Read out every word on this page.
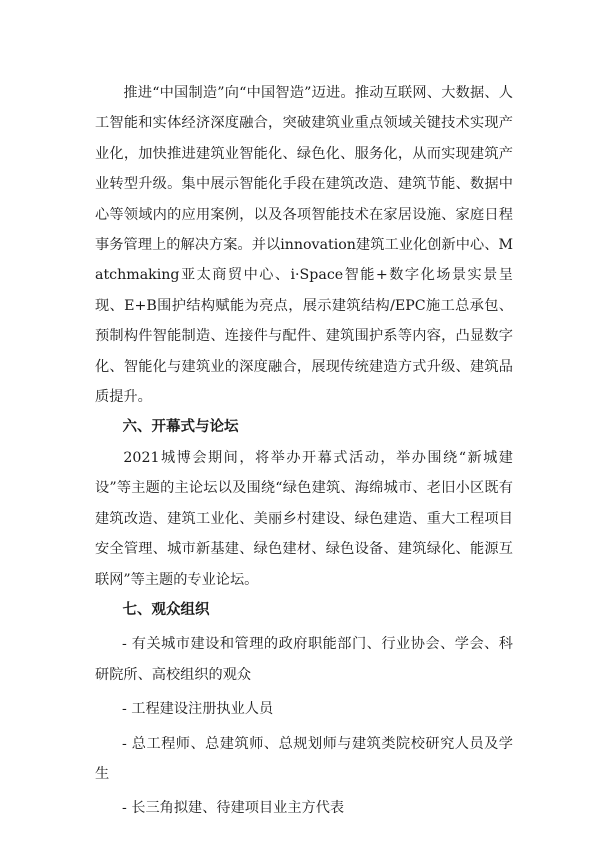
推进“中国制造”向“中国智造”迈进。推动互联网、大数据、人工智能和实体经济深度融合，突破建筑业重点领域关键技术实现产业化，加快推进建筑业智能化、绿色化、服务化，从而实现建筑产业转型升级。集中展示智能化手段在建筑改造、建筑节能、数据中心等领域内的应用案例，以及各项智能技术在家居设施、家庭日程事务管理上的解决方案。并以innovation建筑工业化创新中心、Matchmaking亚太商贸中心、i·Space智能+数字化场景实景呈现、E+B围护结构赋能为亮点，展示建筑结构/EPC施工总承包、预制构件智能制造、连接件与配件、建筑围护系等内容，凸显数字化、智能化与建筑业的深度融合，展现传统建造方式升级、建筑品质提升。

六、开幕式与论坛

2021城博会期间，将举办开幕式活动，举办围绕“新城建设”等主题的主论坛以及围绕“绿色建筑、海绵城市、老旧小区既有建筑改造、建筑工业化、美丽乡村建设、绿色建造、重大工程项目安全管理、城市新基建、绿色建材、绿色设备、建筑绿化、能源互联网”等主题的专业论坛。

七、观众组织

- 有关城市建设和管理的政府职能部门、行业协会、学会、科研院所、高校组织的观众

- 工程建设注册执业人员

- 总工程师、总建筑师、总规划师与建筑类院校研究人员及学生

- 长三角拟建、待建项目业主方代表
